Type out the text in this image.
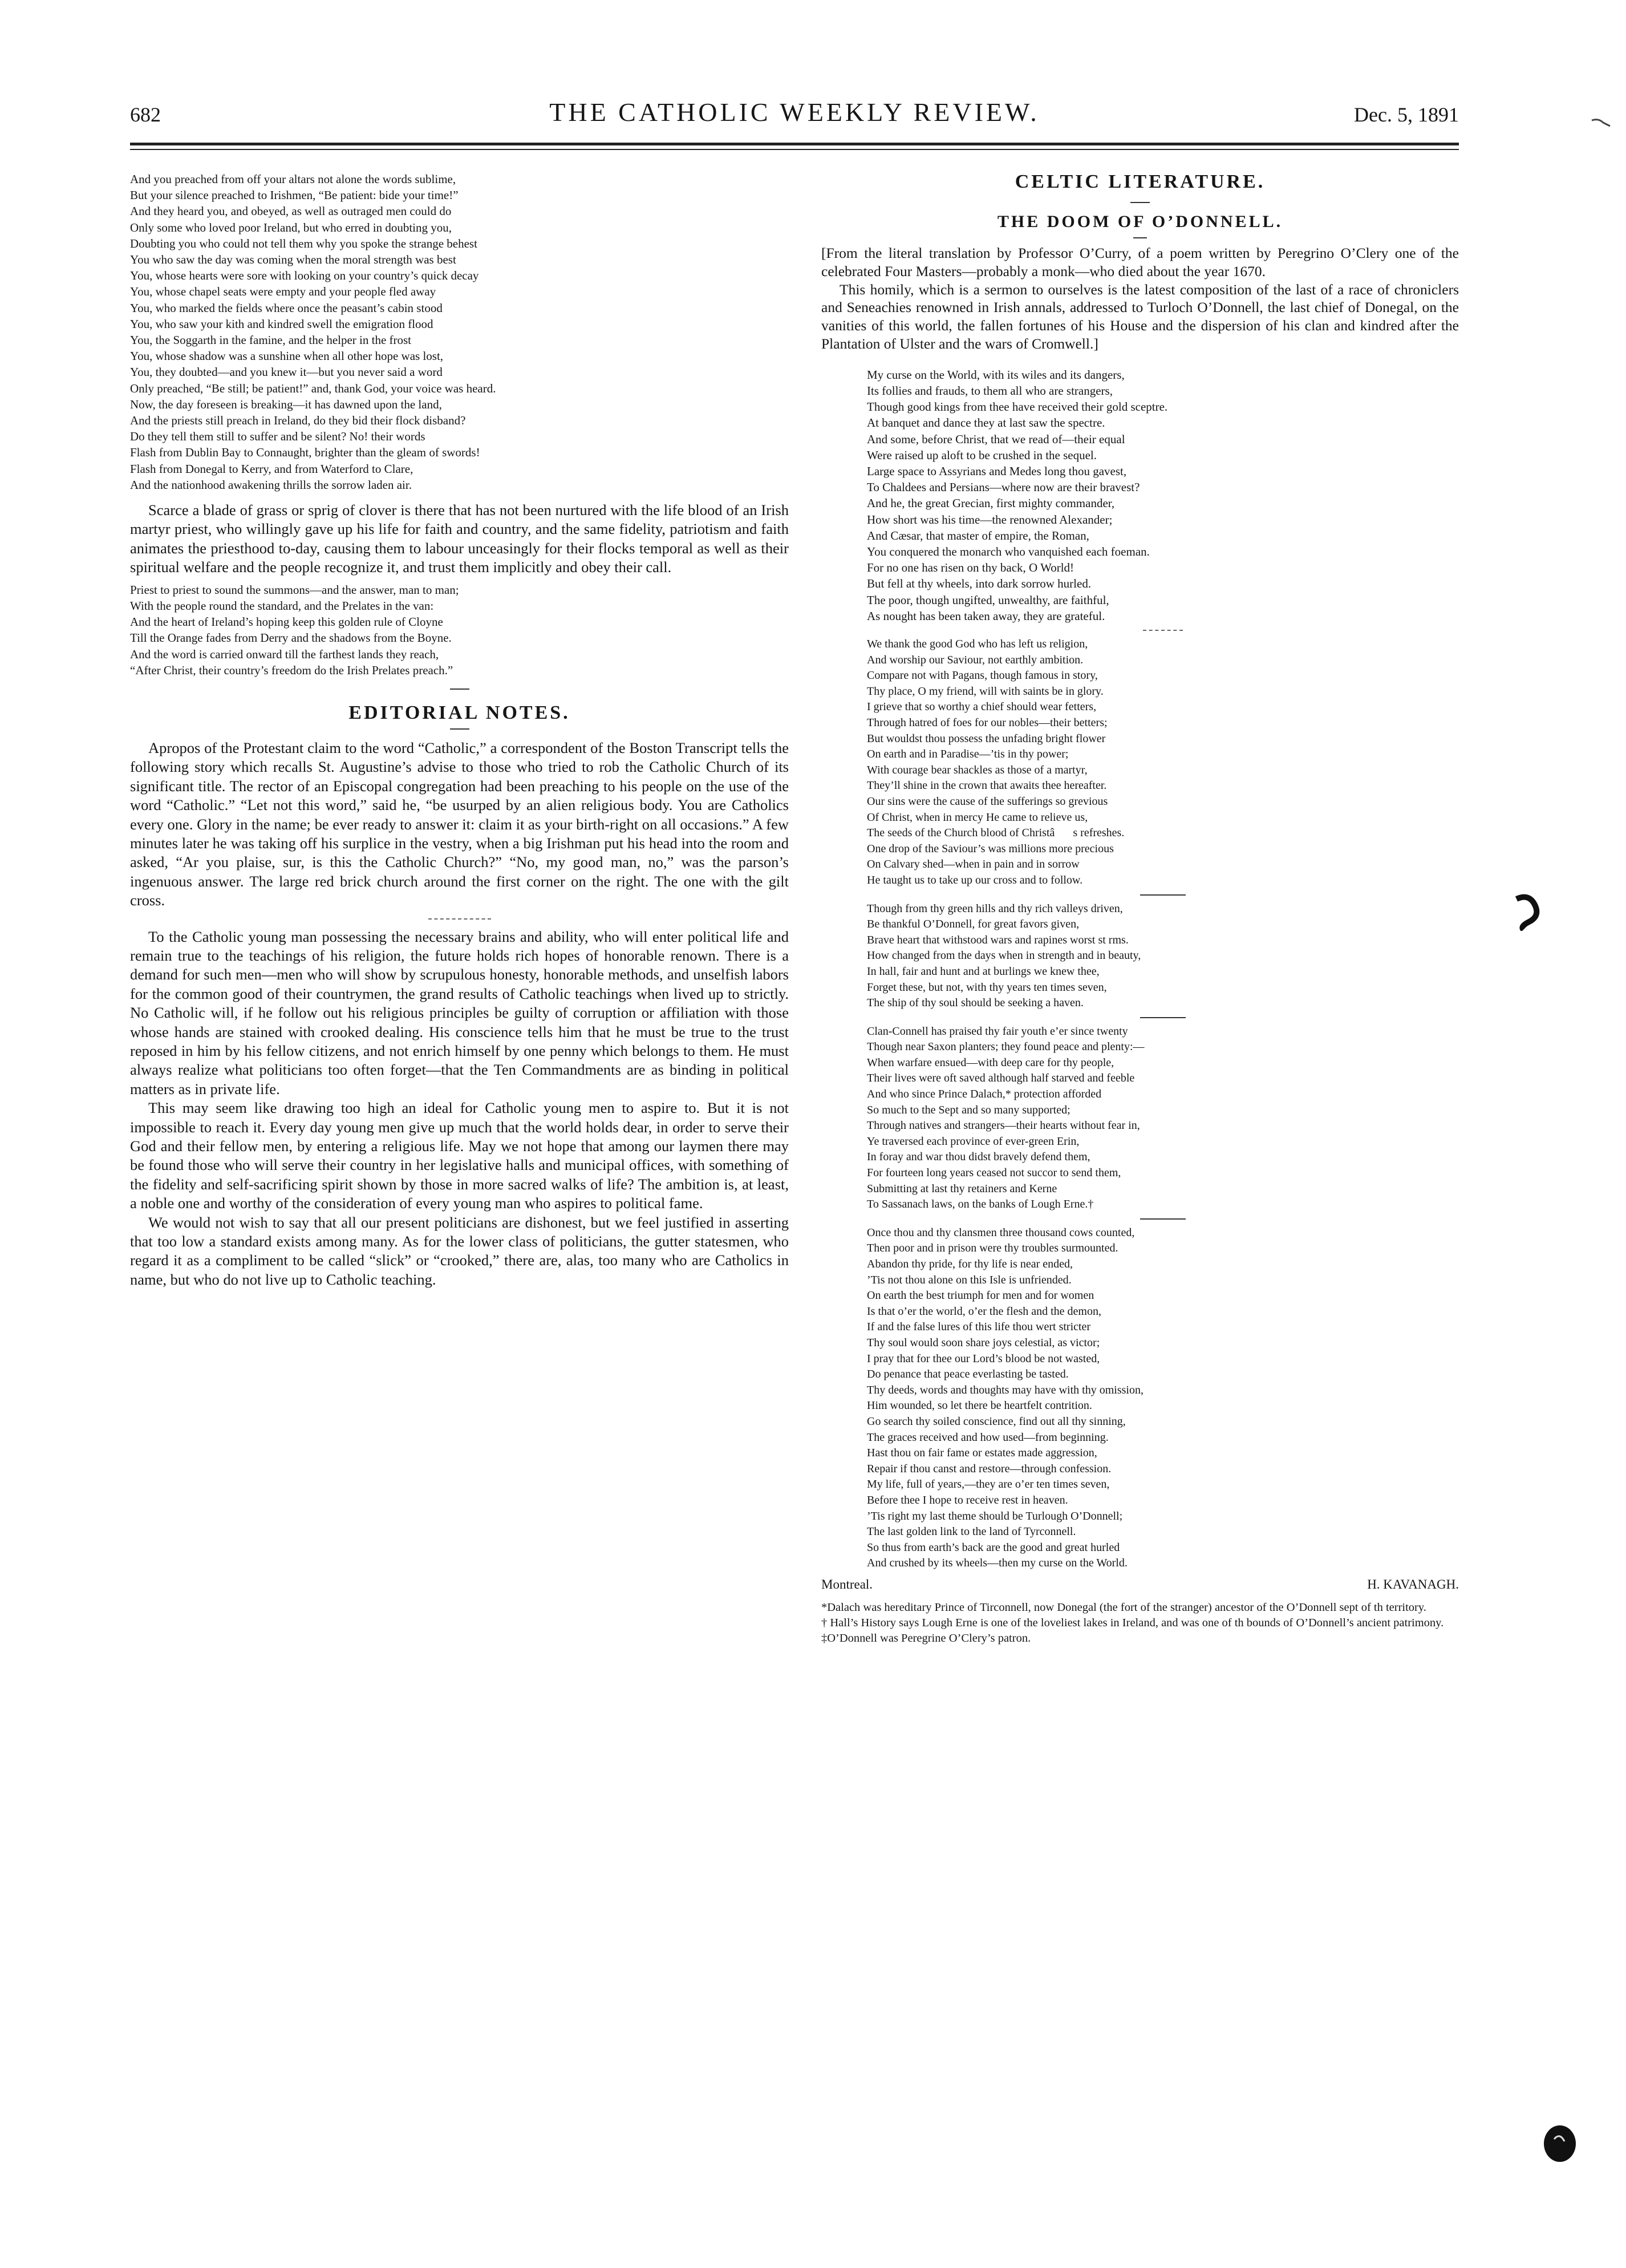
682	THE CATHOLIC WEEKLY REVIEW.	Dec. 5, 1891
And you preached from off your altars not alone the words sublime,
But your silence preached to Irishmen, “Be patient: bide your time!”
And they heard you, and obeyed, as well as outraged men could do
Only some who loved poor Ireland, but who erred in doubting you,
Doubting you who could not tell them why you spoke the strange behest
You who saw the day was coming when the moral strength was best
You, whose hearts were sore with looking on your country’s quick decay
You, whose chapel seats were empty and your people fled away
You, who marked the fields where once the peasant’s cabin stood
You, who saw your kith and kindred swell the emigration flood
You, the Soggarth in the famine, and the helper in the frost
You, whose shadow was a sunshine when all other hope was lost,
You, they doubted—and you knew it—but you never said a word
Only preached, “Be still; be patient!” and, thank God, your voice was heard.
Now, the day foreseen is breaking—it has dawned upon the land,
And the priests still preach in Ireland, do they bid their flock disband?
Do they tell them still to suffer and be silent? No! their words
Flash from Dublin Bay to Connaught, brighter than the gleam of swords!
Flash from Donegal to Kerry, and from Waterford to Clare,
And the nationhood awakening thrills the sorrow laden air.

Scarce a blade of grass or sprig of clover is there that has not been nurtured with the life blood of an Irish martyr priest, who willingly gave up his life for faith and country, and the same fidelity, patriotism and faith animates the priesthood to-day, causing them to labour unceasingly for their flocks temporal as well as their spiritual welfare and the people recognize it, and trust them implicitly and obey their call.

Priest to priest to sound the summons—and the answer, man to man;
With the people round the standard, and the Prelates in the van:
And the heart of Ireland’s hoping keep this golden rule of Cloyne
Till the Orange fades from Derry and the shadows from the Boyne.
And the word is carried onward till the farthest lands they reach,
“After Christ, their country’s freedom do the Irish Prelates preach.”
EDITORIAL NOTES.

Apropos of the Protestant claim to the word “Catholic,” a correspondent of the Boston Transcript tells the following story which recalls St. Augustine’s advise to those who tried to rob the Catholic Church of its significant title. The rector of an Episcopal congregation had been preaching to his people on the use of the word “Catholic.” “Let not this word,” said he, “be usurped by an alien religious body. You are Catholics every one. Glory in the name; be ever ready to answer it: claim it as your birth-right on all occasions.” A few minutes later he was taking off his surplice in the vestry, when a big Irishman put his head into the room and asked, “Ar you plaise, sur, is this the Catholic Church?” “No, my good man, no,” was the parson’s ingenuous answer. The large red brick church around the first corner on the right. The one with the gilt cross.

To the Catholic young man possessing the necessary brains and ability, who will enter political life and remain true to the teachings of his religion, the future holds rich hopes of honorable renown. There is a demand for such men—men who will show by scrupulous honesty, honorable methods, and unselfish labors for the common good of their countrymen, the grand results of Catholic teachings when lived up to strictly. No Catholic will, if he follow out his religious principles be guilty of corruption or affiliation with those whose hands are stained with crooked dealing. His conscience tells him that he must be true to the trust reposed in him by his fellow citizens, and not enrich himself by one penny which belongs to them. He must always realize what politicians too often forget—that the Ten Commandments are as binding in political matters as in private life.

This may seem like drawing too high an ideal for Catholic young men to aspire to. But it is not impossible to reach it. Every day young men give up much that the world holds dear, in order to serve their God and their fellow men, by entering a religious life. May we not hope that among our laymen there may be found those who will serve their country in her legislative halls and municipal offices, with something of the fidelity and self-sacrificing spirit shown by those in more sacred walks of life? The ambition is, at least, a noble one and worthy of the consideration of every young man who aspires to political fame.

We would not wish to say that all our present politicians are dishonest, but we feel justified in asserting that too low a standard exists among many. As for the lower class of politicians, the gutter statesmen, who regard it as a compliment to be called “slick” or “crooked,” there are, alas, too many who are Catholics in name, but who do not live up to Catholic teaching.

CELTIC LITERATURE.
THE DOOM OF O’DONNELL.

[From the literal translation by Professor O’Curry, of a poem written by Peregrino O’Clery one of the celebrated Four Masters—probably a monk—who died about the year 1670.

This homily, which is a sermon to ourselves is the latest composition of the last of a race of chroniclers and Seneachies renowned in Irish annals, addressed to Turloch O’Donnell, the last chief of Donegal, on the vanities of this world, the fallen fortunes of his House and the dispersion of his clan and kindred after the Plantation of Ulster and the wars of Cromwell.]

My curse on the World, with its wiles and its dangers,
Its follies and frauds, to them all who are strangers,
Though good kings from thee have received their gold sceptre.
At banquet and dance they at last saw the spectre.
And some, before Christ, that we read of—their equal
Were raised up aloft to be crushed in the sequel.
Large space to Assyrians and Medes long thou gavest,
To Chaldees and Persians—where now are their bravest?
And he, the great Grecian, first mighty commander,
How short was his time—the renowned Alexander;
And Cæsar, that master of empire, the Roman,
You conquered the monarch who vanquished each foeman.
For no one has risen on thy back, O World!
But fell at thy wheels, into dark sorrow hurled.
The poor, though ungifted, unwealthy, are faithful,
As nought has been taken away, they are grateful.
We thank the good God who has left us religion,
And worship our Saviour, not earthly ambition.
Compare not with Pagans, though famous in story,
Thy place, O my friend, will with saints be in glory.
I grieve that so worthy a chief should wear fetters,
Through hatred of foes for our nobles—their betters;
But wouldst thou possess the unfading bright flower
On earth and in Paradise—’tis in thy power;
With courage bear shackles as those of a martyr,
They’ll shine in the crown that awaits thee hereafter.
Our sins were the cause of the sufferings so grevious
Of Christ, when in mercy He came to relieve us,
The seeds of the Church blood of Christâs refreshes.
One drop of the Saviour’s was millions more precious
On Calvary shed—when in pain and in sorrow
He taught us to take up our cross and to follow.
Though from thy green hills and thy rich valleys driven,
Be thankful O’Donnell, for great favors given,
Brave heart that withstood wars and rapines worst st rms.
How changed from the days when in strength and in beauty,
In hall, fair and hunt and at burlings we knew thee,
Forget these, but not, with thy years ten times seven,
The ship of thy soul should be seeking a haven.
Clan-Connell has praised thy fair youth e’er since twenty
Though near Saxon planters; they found peace and plenty:—
When warfare ensued—with deep care for thy people,
Their lives were oft saved although half starved and feeble
And who since Prince Dalach,* protection afforded
So much to the Sept and so many supported;
Through natives and strangers—their hearts without fear in,
Ye traversed each province of ever-green Erin,
In foray and war thou didst bravely defend them,
For fourteen long years ceased not succor to send them,
Submitting at last thy retainers and Kerne
To Sassanach laws, on the banks of Lough Erne.†
Once thou and thy clansmen three thousand cows counted,
Then poor and in prison were thy troubles surmounted.
Abandon thy pride, for thy life is near ended,
’Tis not thou alone on this Isle is unfriended.
On earth the best triumph for men and for women
Is that o’er the world, o’er the flesh and the demon,
If and the false lures of this life thou wert stricter
Thy soul would soon share joys celestial, as victor;
I pray that for thee our Lord’s blood be not wasted,
Do penance that peace everlasting be tasted.
Thy deeds, words and thoughts may have with thy omission,
Him wounded, so let there be heartfelt contrition.
Go search thy soiled conscience, find out all thy sinning,
The graces received and how used—from beginning.
Hast thou on fair fame or estates made aggression,
Repair if thou canst and restore—through confession.
My life, full of years,—they are o’er ten times seven,
Before thee I hope to receive rest in heaven.
’Tis right my last theme should be Turlough O’Donnell;
The last golden link to the land of Tyrconnell.
So thus from earth’s back are the good and great hurled
And crushed by its wheels—then my curse on the World.
Montreal.	H. KAVANAGH.
*Dalach was hereditary Prince of Tirconnell, now Donegal (the fort of the stranger) ancestor of the O’Donnell sept of th territory.
† Hall’s History says Lough Erne is one of the loveliest lakes in Ireland, and was one of th bounds of O’Donnell’s ancient patrimony.
‡O’Donnell was Peregrine O’Clery’s patron.
